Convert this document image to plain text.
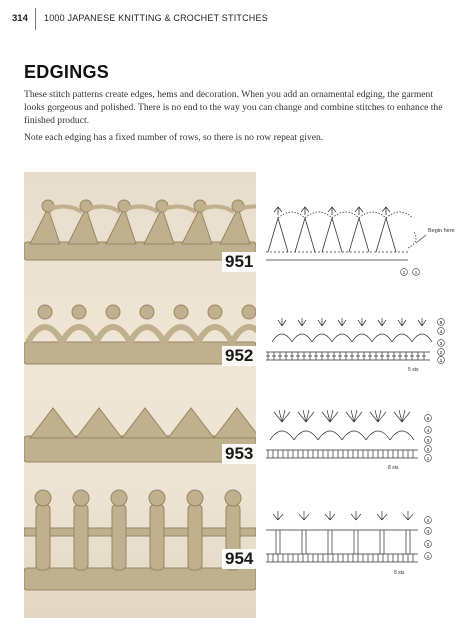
314 1000 JAPANESE KNITTING & CROCHET STITCHES
EDGINGS

These stitch patterns create edges, hems and decoration. When you add an ornamental edging, the garment looks gorgeous and polished. There is no end to the way you can change and combine stitches to enhance the finished product.

Note each edging has a fixed number of rows, so there is no row repeat given.

951
952
953
954
Begin here
2 1
5
4
3
2
1
5 sts
5
4
3
2
1
8 sts
4
3
2
1
8 sts
